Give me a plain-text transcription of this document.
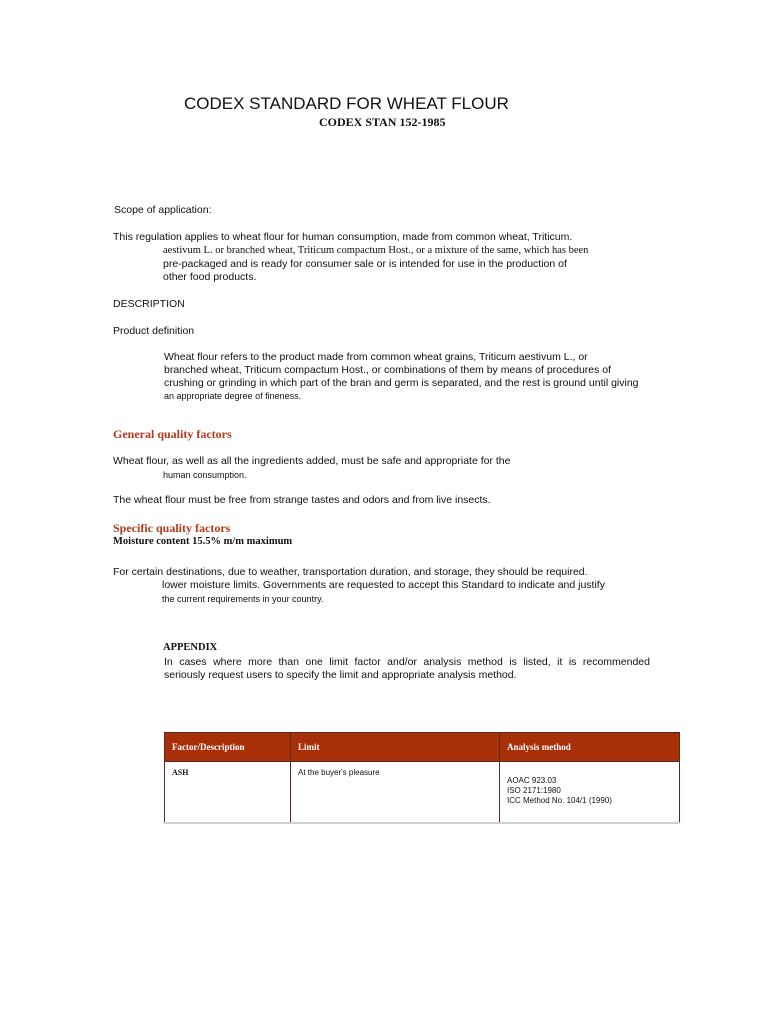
CODEX STANDARD FOR WHEAT FLOUR
CODEX STAN 152-1985
Scope of application:
This regulation applies to wheat flour for human consumption, made from common wheat, Triticum.
aestivum L. or branched wheat, Triticum compactum Host., or a mixture of the same, which has been
pre-packaged and is ready for consumer sale or is intended for use in the production of
other food products.
DESCRIPTION
Product definition
Wheat flour refers to the product made from common wheat grains, Triticum aestivum L., or
branched wheat, Triticum compactum Host., or combinations of them by means of procedures of
crushing or grinding in which part of the bran and germ is separated, and the rest is ground until giving
an appropriate degree of fineness.
General quality factors
Wheat flour, as well as all the ingredients added, must be safe and appropriate for the
human consumption.
The wheat flour must be free from strange tastes and odors and from live insects.
Specific quality factors
Moisture content 15.5% m/m maximum
For certain destinations, due to weather, transportation duration, and storage, they should be required.
lower moisture limits. Governments are requested to accept this Standard to indicate and justify
the current requirements in your country.
APPENDIX
In cases where more than one limit factor and/or analysis method is listed, it is recommended
seriously request users to specify the limit and appropriate analysis method.
Factor/Description	Limit	Analysis method
ASH	At the buyer's pleasure	AOAC 923.03
ISO 2171:1980
ICC Method No. 104/1 (1990)
